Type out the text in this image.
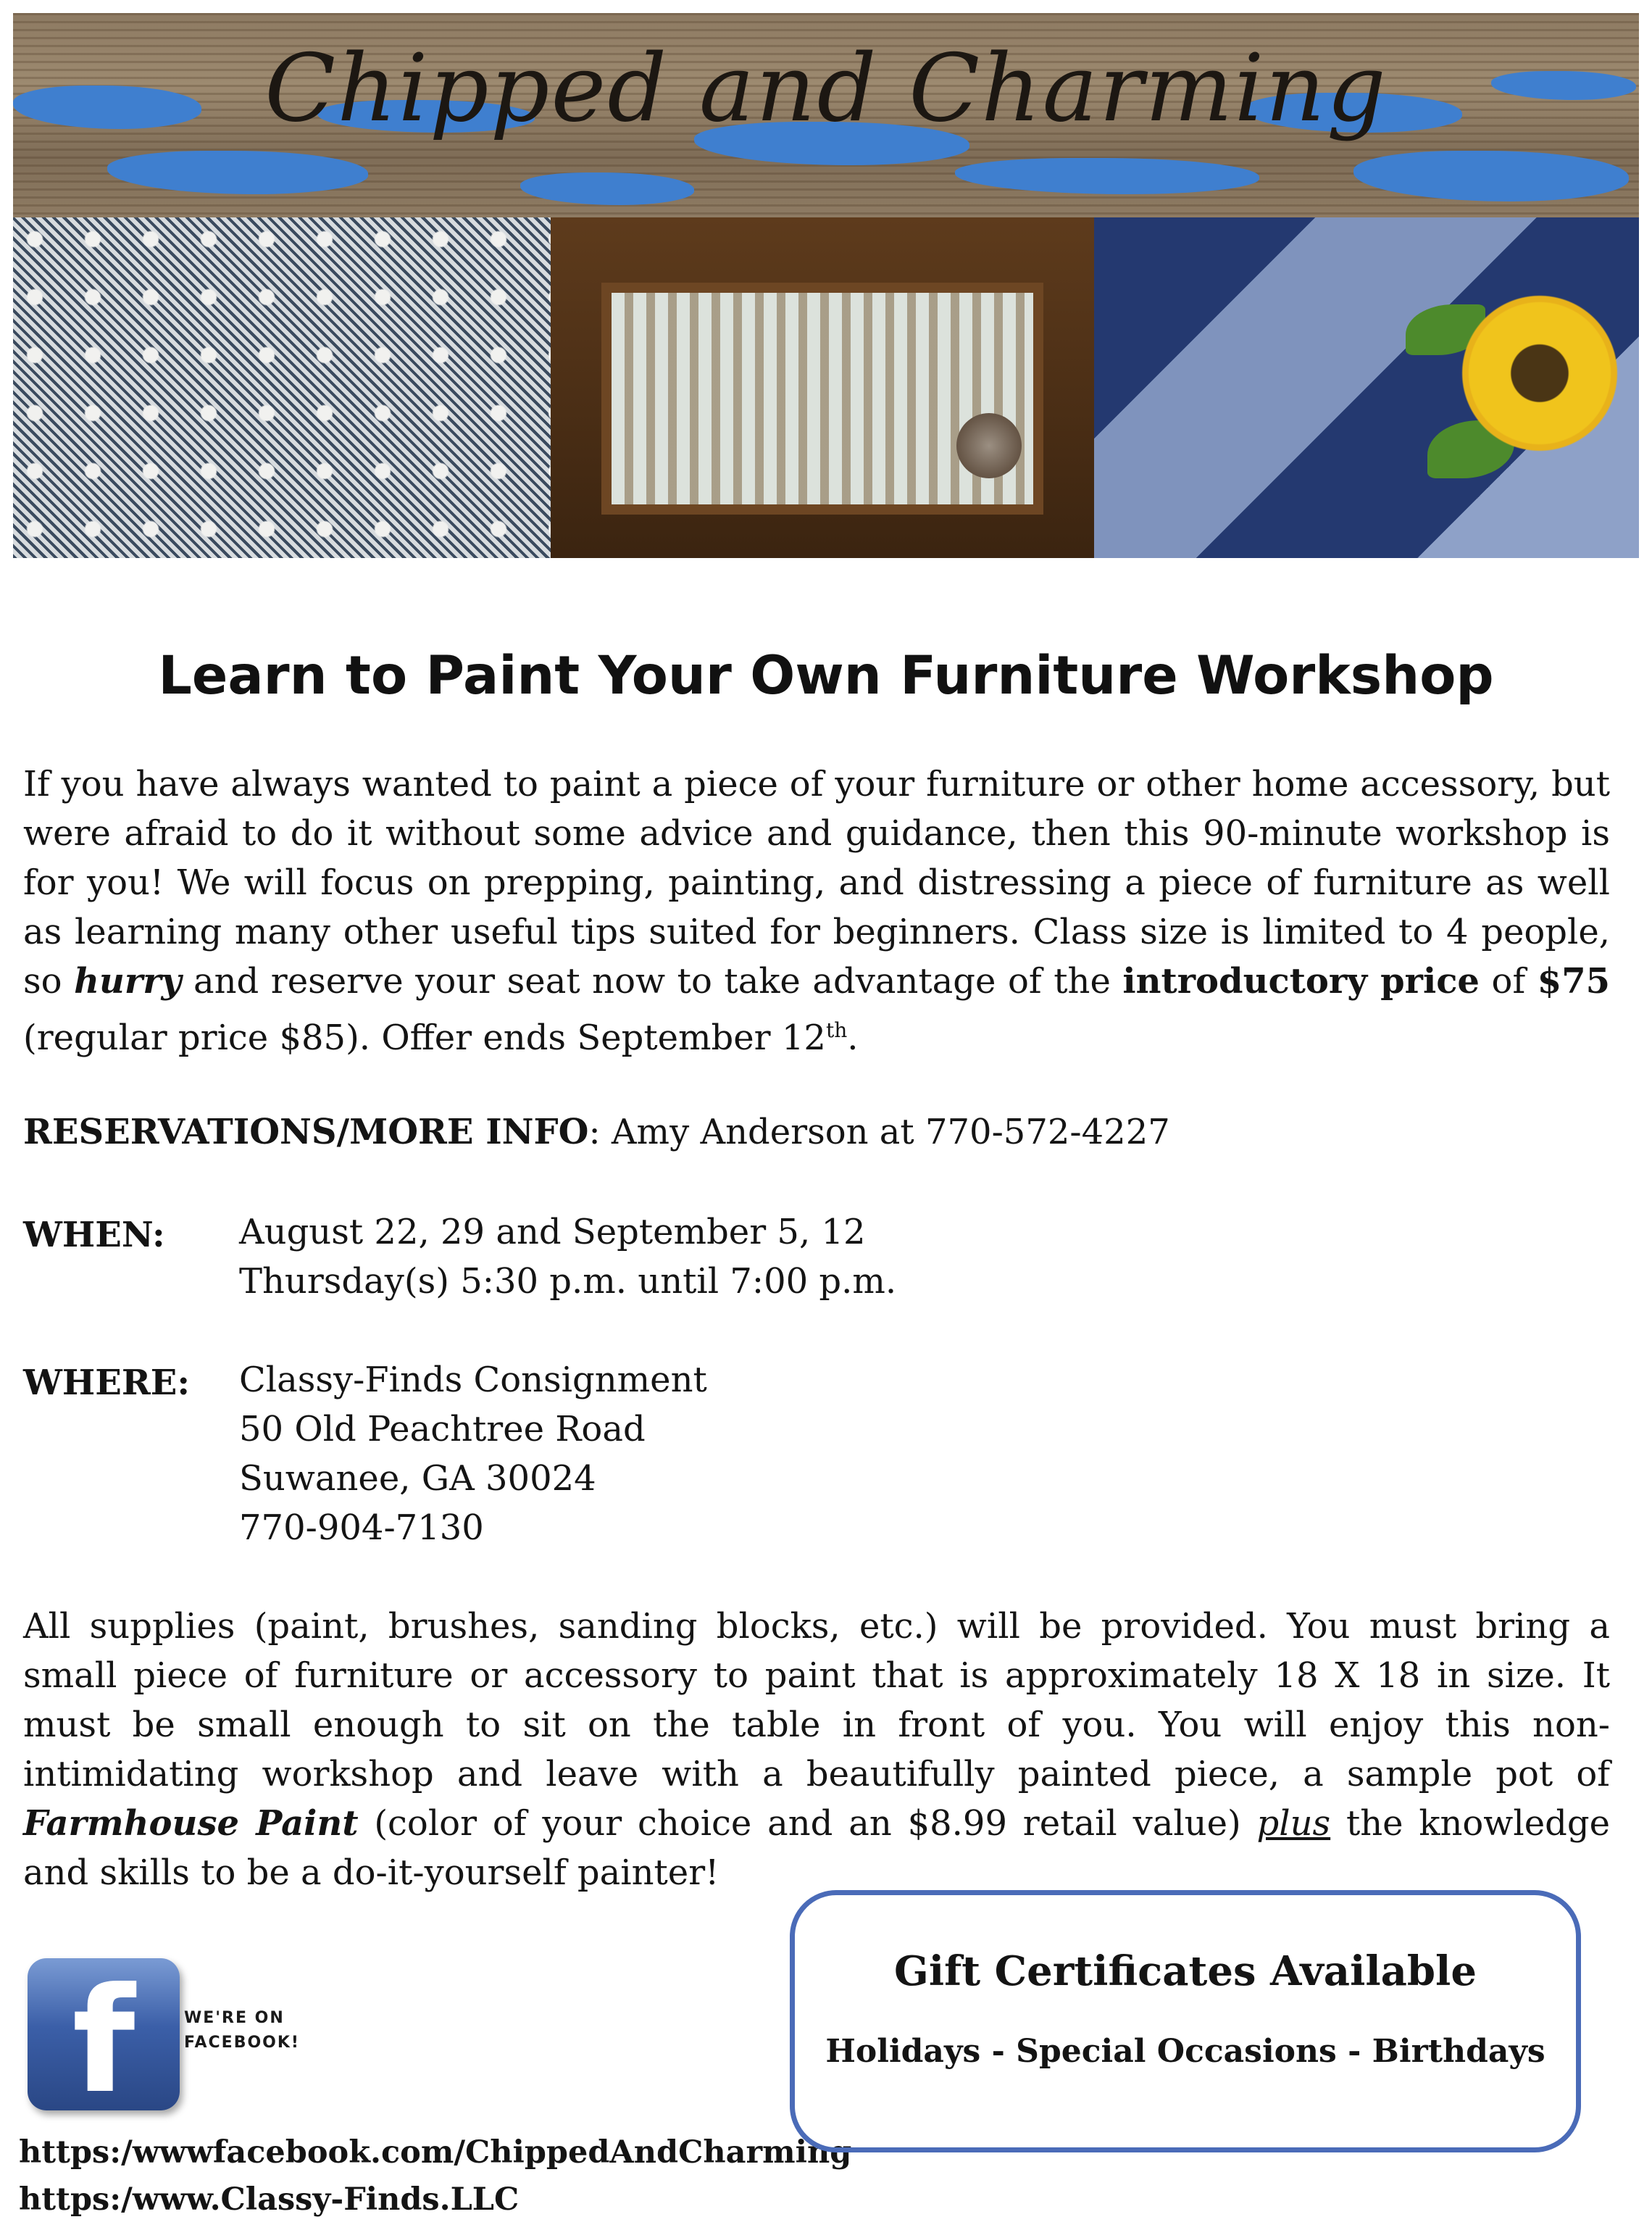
Chipped and Charming
Learn to Paint Your Own Furniture Workshop
If you have always wanted to paint a piece of your furniture or other home accessory, but were afraid to do it without some advice and guidance, then this 90-minute workshop is for you! We will focus on prepping, painting, and distressing a piece of furniture as well as learning many other useful tips suited for beginners. Class size is limited to 4 people, so hurry and reserve your seat now to take advantage of the introductory price of $75 (regular price $85). Offer ends September 12th.
RESERVATIONS/MORE INFO: Amy Anderson at 770-572-4227
WHEN: August 22, 29 and September 5, 12
Thursday(s) 5:30 p.m. until 7:00 p.m.
WHERE: Classy-Finds Consignment
50 Old Peachtree Road
Suwanee, GA 30024
770-904-7130
All supplies (paint, brushes, sanding blocks, etc.) will be provided. You must bring a small piece of furniture or accessory to paint that is approximately 18 X 18 in size. It must be small enough to sit on the table in front of you. You will enjoy this non-intimidating workshop and leave with a beautifully painted piece, a sample pot of Farmhouse Paint (color of your choice and an $8.99 retail value) plus the knowledge and skills to be a do-it-yourself painter!
f	WE'RE ON FACEBOOK!
https:/wwwfacebook.com/ChippedAndCharming
https:/www.Classy-Finds.LLC
Gift Certificates Available
Holidays - Special Occasions - Birthdays
